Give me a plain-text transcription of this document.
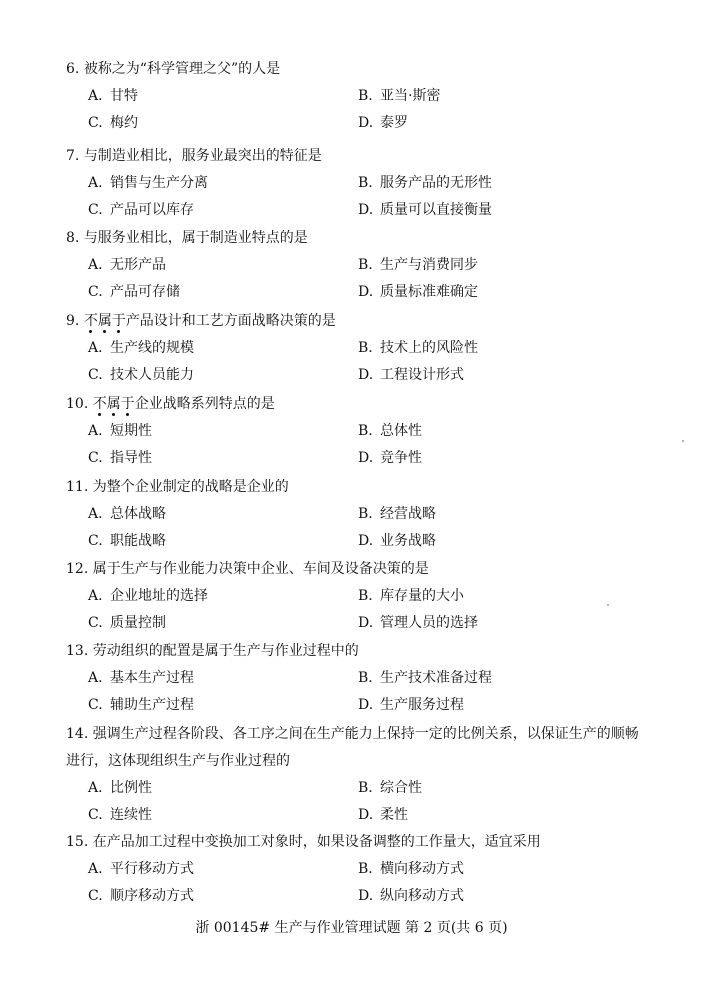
6. 被称之为“科学管理之父”的人是
A. 甘特	B. 亚当·斯密
C. 梅约	D. 泰罗
7. 与制造业相比，服务业最突出的特征是
A. 销售与生产分离	B. 服务产品的无形性
C. 产品可以库存	D. 质量可以直接衡量
8. 与服务业相比，属于制造业特点的是
A. 无形产品	B. 生产与消费同步
C. 产品可存储	D. 质量标准难确定
9. 不属于产品设计和工艺方面战略决策的是
A. 生产线的规模	B. 技术上的风险性
C. 技术人员能力	D. 工程设计形式
10. 不属于企业战略系列特点的是
A. 短期性	B. 总体性
C. 指导性	D. 竞争性
11. 为整个企业制定的战略是企业的
A. 总体战略	B. 经营战略
C. 职能战略	D. 业务战略
12. 属于生产与作业能力决策中企业、车间及设备决策的是
A. 企业地址的选择	B. 库存量的大小
C. 质量控制	D. 管理人员的选择
13. 劳动组织的配置是属于生产与作业过程中的
A. 基本生产过程	B. 生产技术准备过程
C. 辅助生产过程	D. 生产服务过程
14. 强调生产过程各阶段、各工序之间在生产能力上保持一定的比例关系，以保证生产的顺畅进行，这体现组织生产与作业过程的
A. 比例性	B. 综合性
C. 连续性	D. 柔性
15. 在产品加工过程中变换加工对象时，如果设备调整的工作量大，适宜采用
A. 平行移动方式	B. 横向移动方式
C. 顺序移动方式	D. 纵向移动方式
浙 00145# 生产与作业管理试题 第 2 页(共 6 页)
